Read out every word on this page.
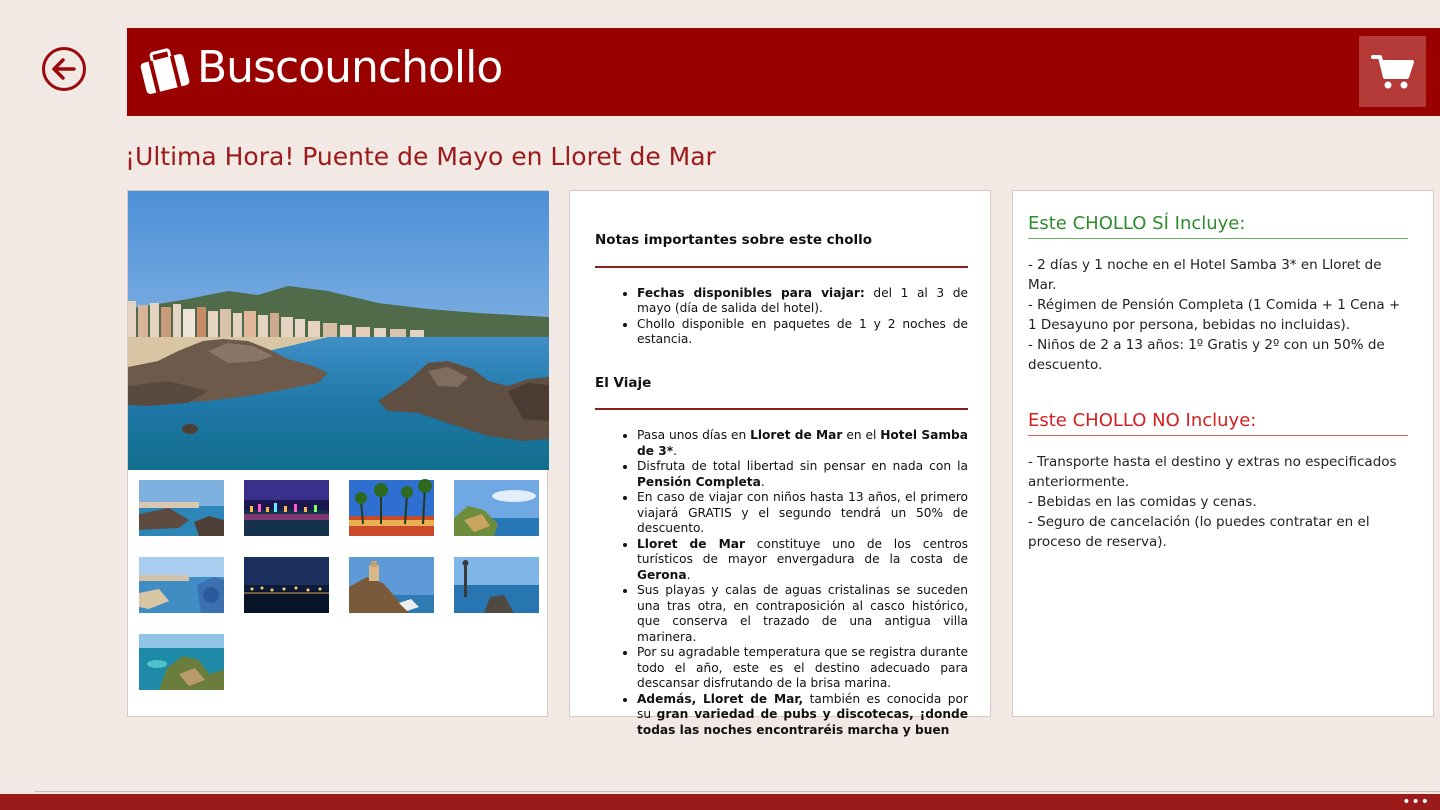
Buscounchollo
¡Ultima Hora! Puente de Mayo en Lloret de Mar
Notas importantes sobre este chollo
• Fechas disponibles para viajar: del 1 al 3 de mayo (día de salida del hotel).
• Chollo disponible en paquetes de 1 y 2 noches de estancia.
El Viaje
• Pasa unos días en Lloret de Mar en el Hotel Samba de 3*.
• Disfruta de total libertad sin pensar en nada con la Pensión Completa.
• En caso de viajar con niños hasta 13 años, el primero viajará GRATIS y el segundo tendrá un 50% de descuento.
• Lloret de Mar constituye uno de los centros turísticos de mayor envergadura de la costa de Gerona.
• Sus playas y calas de aguas cristalinas se suceden una tras otra, en contraposición al casco histórico, que conserva el trazado de una antigua villa marinera.
• Por su agradable temperatura que se registra durante todo el año, este es el destino adecuado para descansar disfrutando de la brisa marina.
• Además, Lloret de Mar, también es conocida por su gran variedad de pubs y discotecas, ¡donde todas las noches encontraréis marcha y buen
Este CHOLLO SÍ Incluye:
- 2 días y 1 noche en el Hotel Samba 3* en Lloret de Mar.
- Régimen de Pensión Completa (1 Comida + 1 Cena + 1 Desayuno por persona, bebidas no incluidas).
- Niños de 2 a 13 años: 1º Gratis y 2º con un 50% de descuento.
Este CHOLLO NO Incluye:
- Transporte hasta el destino y extras no especificados anteriormente.
- Bebidas en las comidas y cenas.
- Seguro de cancelación (lo puedes contratar en el proceso de reserva).
•••
